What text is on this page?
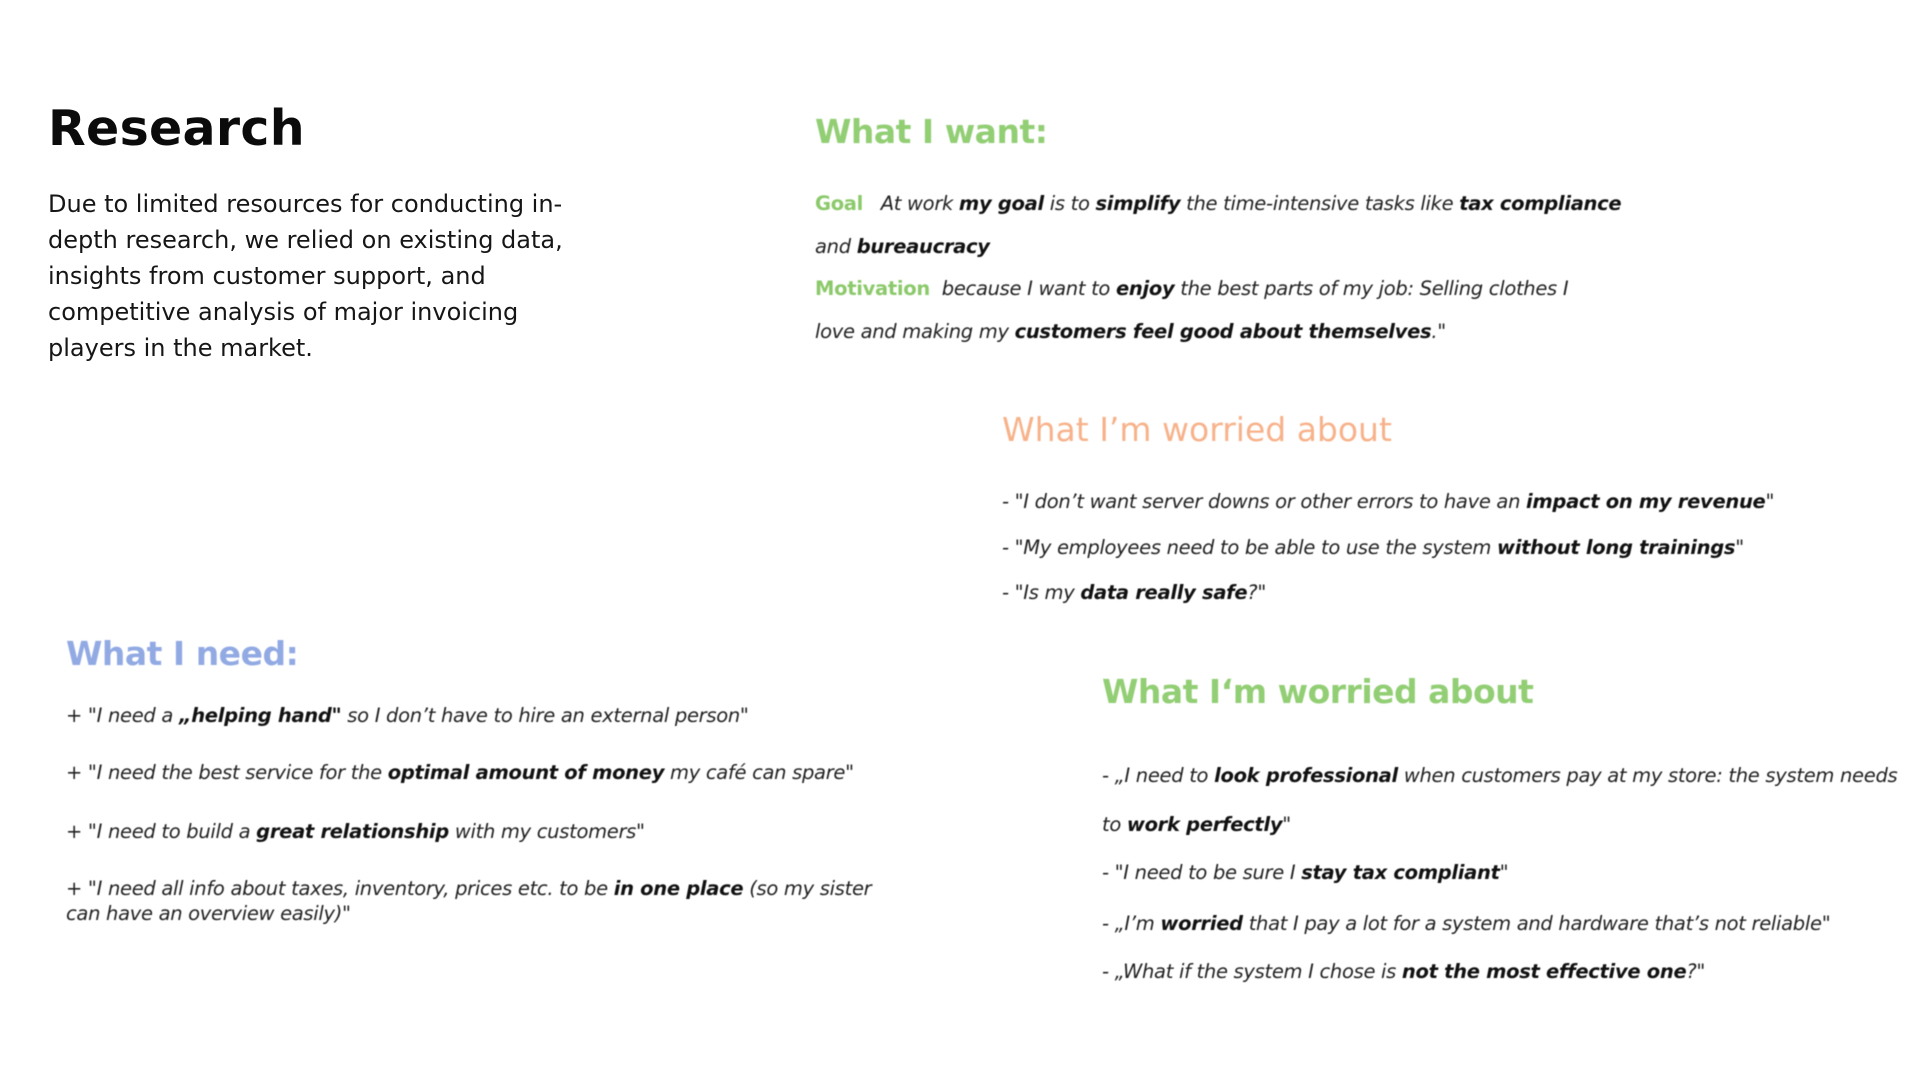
Research

Due to limited resources for conducting in-depth research, we relied on existing data, insights from customer support, and competitive analysis of major invoicing players in the market.

What I want:
Goal At work my goal is to simplify the time-intensive tasks like tax compliance
and bureaucracy
Motivation because I want to enjoy the best parts of my job: Selling clothes I
love and making my customers feel good about themselves."
What I’m worried about
- "I don’t want server downs or other errors to have an impact on my revenue"
- "My employees need to be able to use the system without long trainings"
- "Is my data really safe?"
What I need:
+ "I need a „helping hand" so I don’t have to hire an external person"
+ "I need the best service for the optimal amount of money my café can spare"
+ "I need to build a great relationship with my customers"
+ "I need all info about taxes, inventory, prices etc. to be in one place (so my sister
can have an overview easily)"
What I‘m worried about
- „I need to look professional when customers pay at my store: the system needs
to work perfectly"
- "I need to be sure I stay tax compliant"
- „I’m worried that I pay a lot for a system and hardware that’s not reliable"
- „What if the system I chose is not the most effective one?"
